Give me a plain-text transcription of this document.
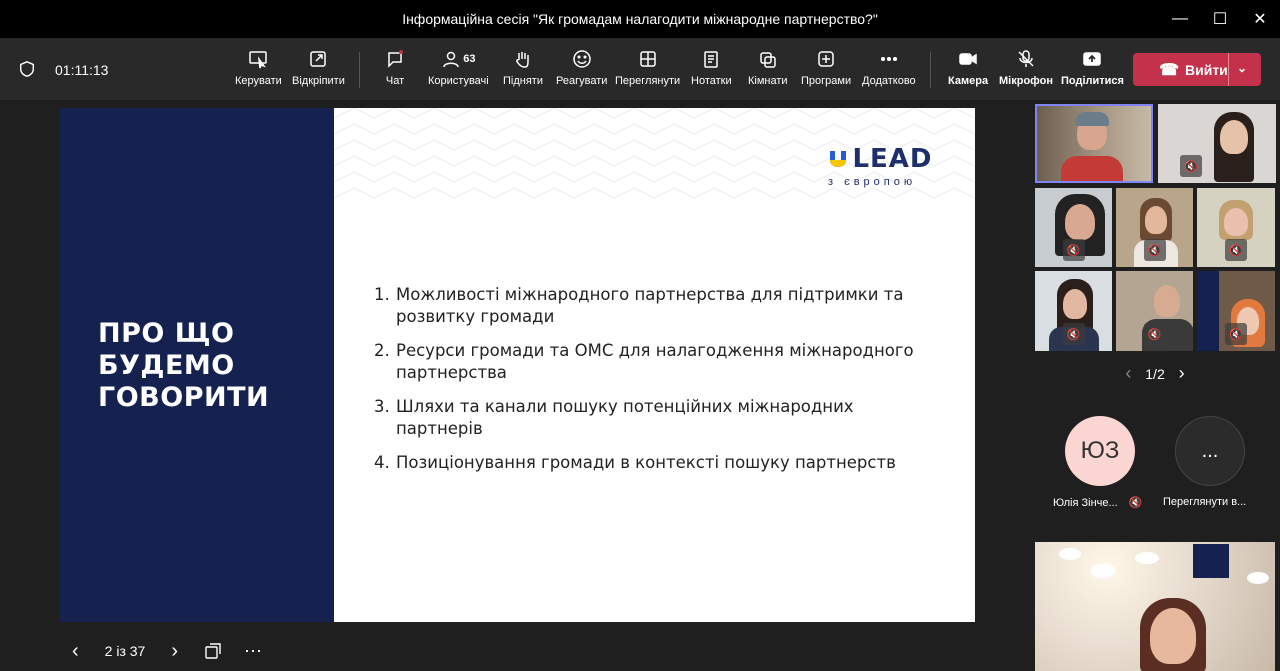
Інформаційна сесія "Як громадам налагодити міжнародне партнерство?"	—	☐	✕
01:11:13
Керувати Відкріпити	Чат
63
Користувачі Підняти Реагувати Переглянути Нотатки Кімнати Програми Додатково	Камера Мікрофон Поділитися
☎ Вийти ⌄
ПРО ЩО
БУДЕМО
ГОВОРИТИ
LEAD
з європою
1. Можливості міжнародного партнерства для підтримки та розвитку громади
2. Ресурси громади та ОМС для налагодження міжнародного партнерства
3. Шляхи та канали пошуку потенційних міжнародних партнерів
4. Позиціонування громади в контексті пошуку партнерств
‹ 2 із 37 ›	⋯
🔇
🔇	🔇	🔇
🔇	🔇	🔇
‹ 1/2 ›
ЮЗ
Юлія Зінче... 🔇
...
Переглянути в...
